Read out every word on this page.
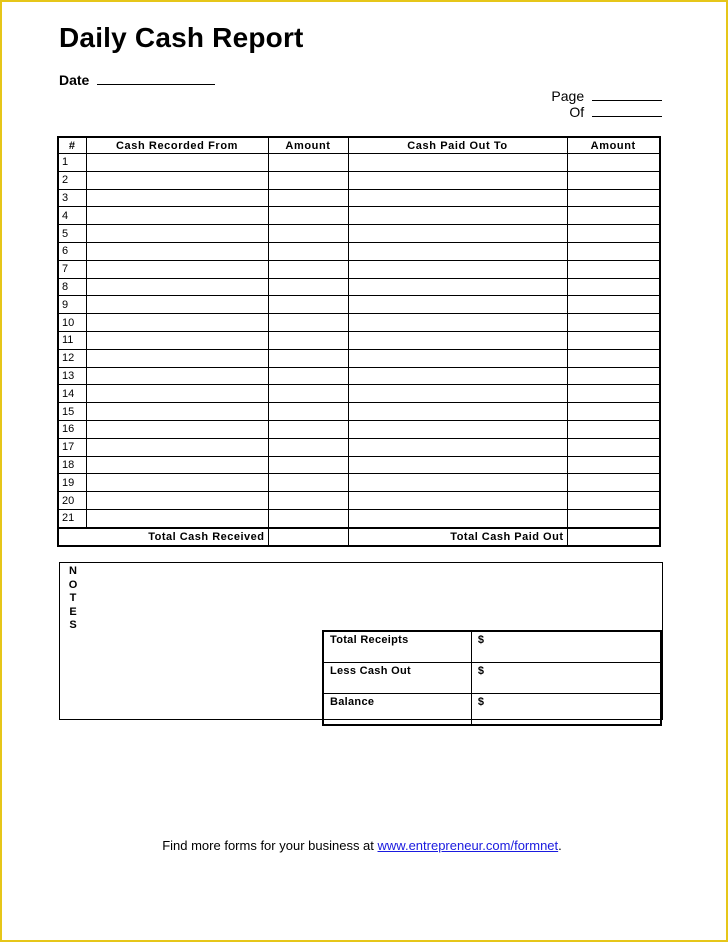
Daily Cash Report
Date
Page
Of
#	Cash Recorded From	Amount	Cash Paid Out To	Amount
1				
2				
3				
4				
5				
6				
7				
8				
9				
10				
11				
12				
13				
14				
15				
16				
17				
18				
19				
20				
21				
Total Cash Received			Total Cash Paid Out	
N
O
T
E
S
Total Receipts	$
Less Cash Out	$
Balance	$
Find more forms for your business at www.entrepreneur.com/formnet.
